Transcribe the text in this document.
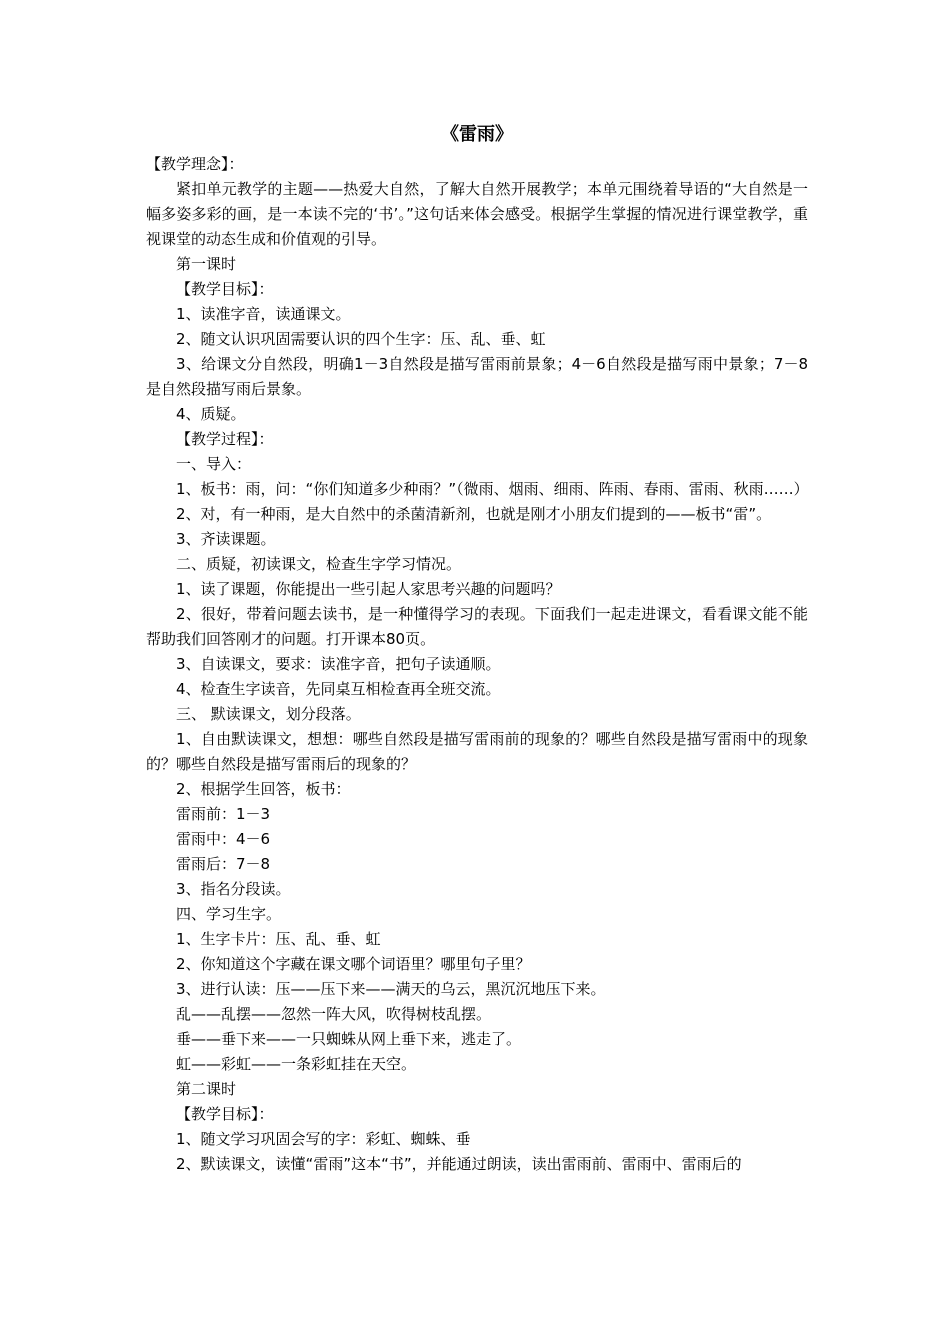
《雷雨》

【教学理念】：

紧扣单元教学的主题——热爱大自然，了解大自然开展教学；本单元围绕着导语的“大自然是一幅多姿多彩的画，是一本读不完的‘书’。”这句话来体会感受。根据学生掌握的情况进行课堂教学，重视课堂的动态生成和价值观的引导。

第一课时

【教学目标】：

1、读准字音，读通课文。

2、随文认识巩固需要认识的四个生字：压、乱、垂、虹

3、给课文分自然段，明确1－3自然段是描写雷雨前景象；4－6自然段是描写雨中景象；7－8是自然段描写雨后景象。

4、质疑。

【教学过程】：

一、导入：

1、板书：雨，问：“你们知道多少种雨？”（微雨、烟雨、细雨、阵雨、春雨、雷雨、秋雨……）

2、对，有一种雨，是大自然中的杀菌清新剂，也就是刚才小朋友们提到的——板书“雷”。

3、齐读课题。

二、质疑，初读课文，检查生字学习情况。

1、读了课题，你能提出一些引起人家思考兴趣的问题吗？

2、很好，带着问题去读书，是一种懂得学习的表现。下面我们一起走进课文，看看课文能不能帮助我们回答刚才的问题。打开课本80页。

3、自读课文，要求：读准字音，把句子读通顺。

4、检查生字读音，先同桌互相检查再全班交流。

三、 默读课文，划分段落。

1、自由默读课文，想想：哪些自然段是描写雷雨前的现象的？哪些自然段是描写雷雨中的现象的？哪些自然段是描写雷雨后的现象的？

2、根据学生回答，板书：

雷雨前：1－3

雷雨中：4－6

雷雨后：7－8

3、指名分段读。

四、学习生字。

1、生字卡片：压、乱、垂、虹

2、你知道这个字藏在课文哪个词语里？哪里句子里？

3、进行认读：压——压下来——满天的乌云，黑沉沉地压下来。

乱——乱摆——忽然一阵大风，吹得树枝乱摆。

垂——垂下来——一只蜘蛛从网上垂下来，逃走了。

虹——彩虹——一条彩虹挂在天空。

第二课时

【教学目标】：

1、随文学习巩固会写的字：彩虹、蜘蛛、垂

2、默读课文，读懂“雷雨”这本“书”，并能通过朗读，读出雷雨前、雷雨中、雷雨后的
